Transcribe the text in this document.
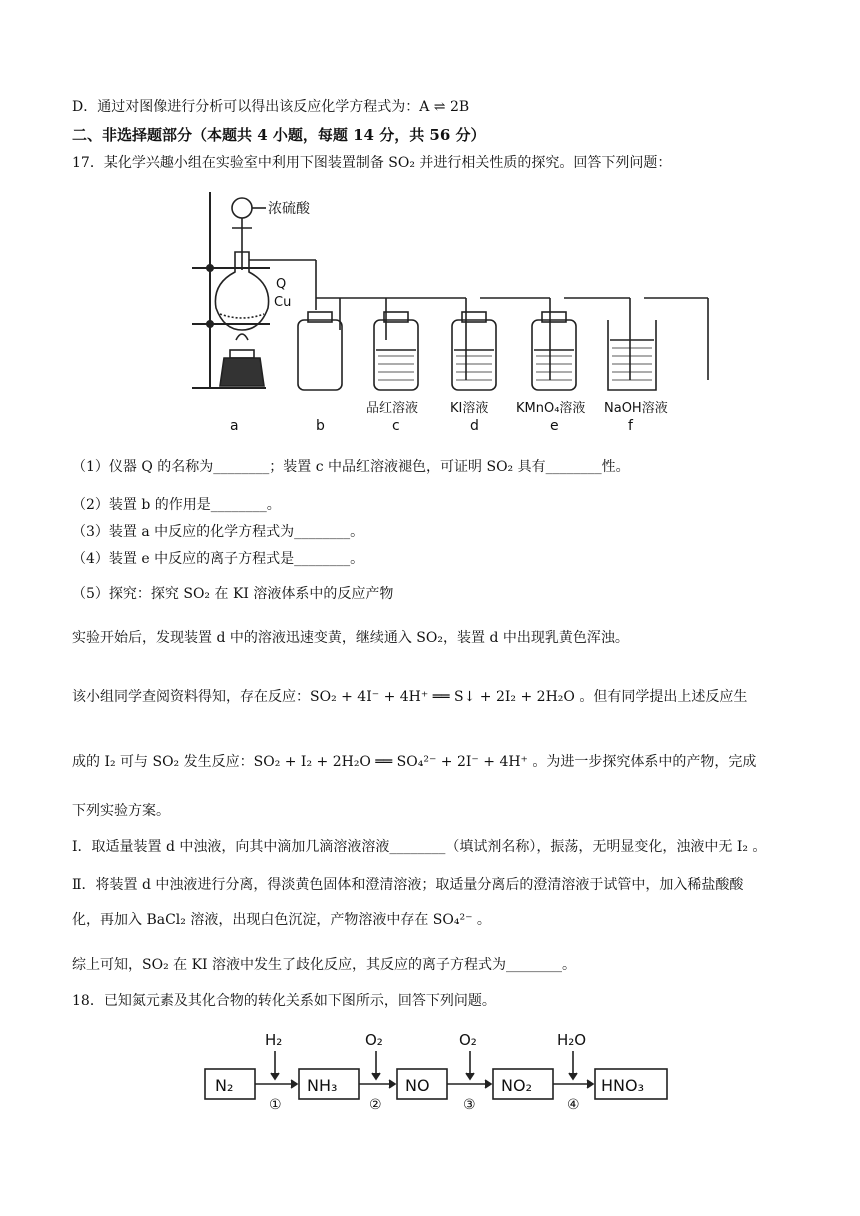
D．通过对图像进行分析可以得出该反应化学方程式为：A ⇌ 2B
二、非选择题部分（本题共 4 小题，每题 14 分，共 56 分）
17．某化学兴趣小组在实验室中利用下图装置制备 SO₂ 并进行相关性质的探究。回答下列问题：
浓硫酸
Q
Cu
品红溶液 KI溶液 KMnO₄溶液 NaOH溶液
a	b	c	d	e	f
（1）仪器 Q 的名称为________；装置 c 中品红溶液褪色，可证明 SO₂ 具有________性。
（2）装置 b 的作用是________。
（3）装置 a 中反应的化学方程式为________。
（4）装置 e 中反应的离子方程式是________。
（5）探究：探究 SO₂ 在 KI 溶液体系中的反应产物
实验开始后，发现装置 d 中的溶液迅速变黄，继续通入 SO₂，装置 d 中出现乳黄色浑浊。
该小组同学查阅资料得知，存在反应：SO₂ + 4I⁻ + 4H⁺ ══ S↓ + 2I₂ + 2H₂O 。但有同学提出上述反应生
成的 I₂ 可与 SO₂ 发生反应：SO₂ + I₂ + 2H₂O ══ SO₄²⁻ + 2I⁻ + 4H⁺ 。为进一步探究体系中的产物，完成
下列实验方案。
Ⅰ．取适量装置 d 中浊液，向其中滴加几滴溶液溶液________（填试剂名称），振荡，无明显变化，浊液中无 I₂ 。
Ⅱ．将装置 d 中浊液进行分离，得淡黄色固体和澄清溶液；取适量分离后的澄清溶液于试管中，加入稀盐酸酸
化，再加入 BaCl₂ 溶液，出现白色沉淀，产物溶液中存在 SO₄²⁻ 。
综上可知，SO₂ 在 KI 溶液中发生了歧化反应，其反应的离子方程式为________。
18．已知氮元素及其化合物的转化关系如下图所示，回答下列问题。
N₂	NH₃	NO	NO₂	HNO₃
H₂	O₂	O₂	H₂O
①	②	③	④
